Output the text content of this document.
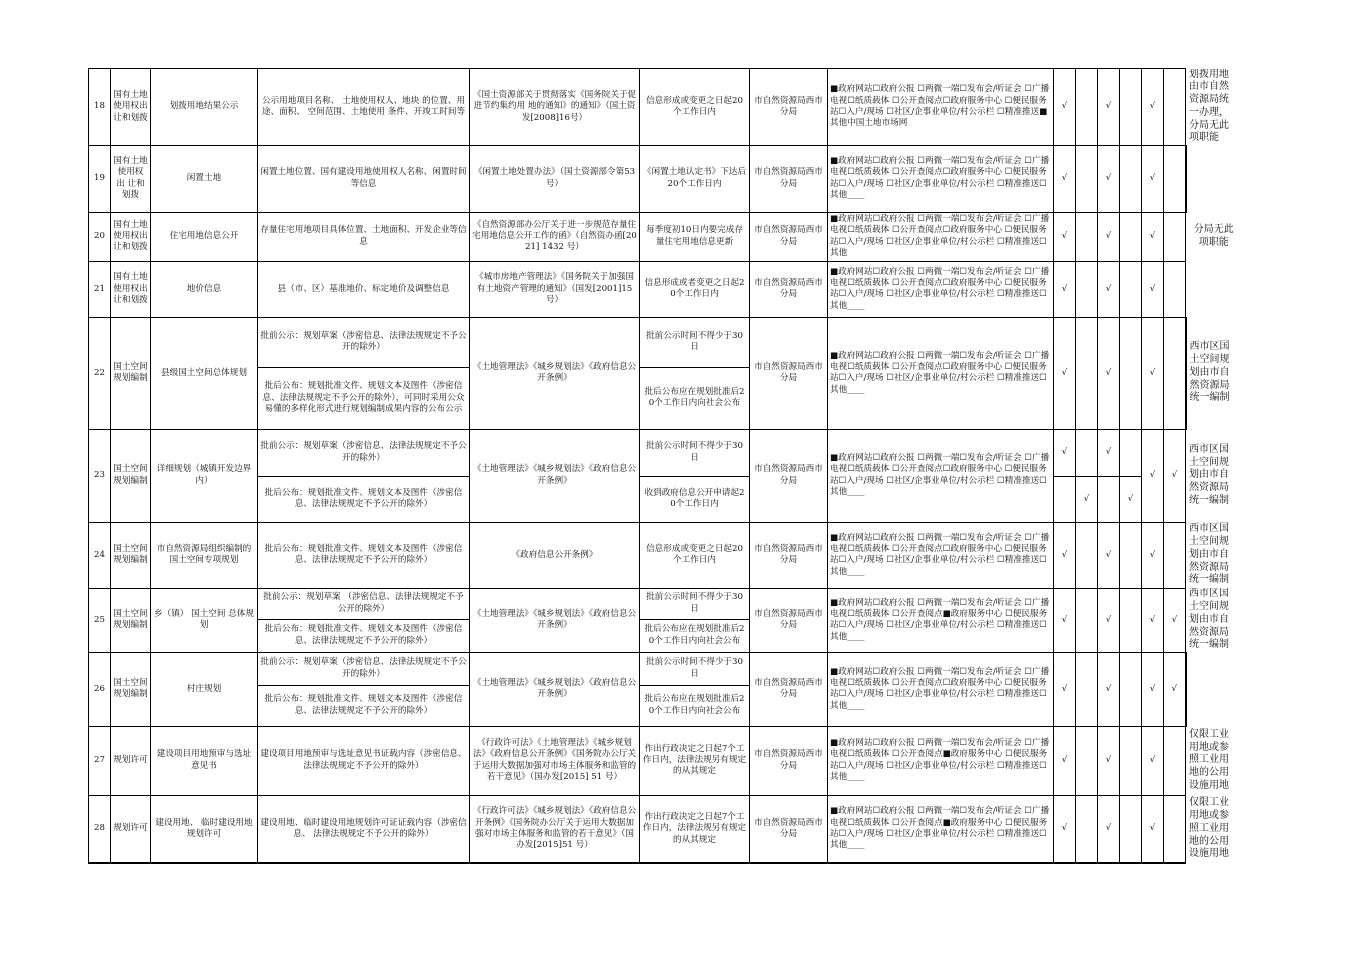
18	国有土地使用权出让和划拨	划拨用地结果公示	公示用地项目名称、 土地使用权人、地块 的位置、用途、面积、 空间范围、土地使用 条件、开竣工时间等	《国土资源部关于贯彻落实《国务院关于促进节约集约用 地的通知》的通知》（国土资发[2008]16号）	信息形成或变更之日起20个工作日内	市自然资源局西市分局	■政府网站☐政府公报 ☐两微一端☐发布会/听证会 ☐广播电视☐纸质载体 ☐公开查阅点☐政府服务中心 ☐便民服务站☐入户/现场 ☐社区/企事业单位/村公示栏 ☐精准推送■其他中国土地市场网	√		√		√		划拨用地由市自然资源局统一办理，分局无此项职能
19	国有土地 使用权 出 让和划拨	闲置土地	闲置土地位置、国有建设用地使用权人名称、闲置时间等信息	《闲置土地处置办法》（国土资源部令第53号）	《闲置土地认定书》下达后20个工作日内	市自然资源局西市分局	■政府网站☐政府公报 ☐两微一端☐发布会/听证会 ☐广播电视☐纸质载体 ☐公开查阅点☐政府服务中心 ☐便民服务站☐入户/现场 ☐社区/企事业单位/村公示栏 ☐精准推送☐其他____	√		√		√		
20	国有土地使用权出让和划拨	住宅用地信息公开	存量住宅用地项目具体位置、土地面积、开发企业等信息	《自然资源部办公厅关于进一步规范存量住宅用地信息公开工作的函》（自然资办函[2021] 1432 号）	每季度初10日内要完成存量住宅用地信息更新	市自然资源局西市分局	■政府网站☐政府公报 ☐两微一端☐发布会/听证会 ☐广播电视☐纸质载体 ☐公开查阅点☐政府服务中心 ☐便民服务站☐入户/现场 ☐社区/企事业单位/村公示栏 ☐精准推送☐其他	√		√		√		分局无此项职能
21	国有土地使用权出让和划拨	地价信息	县（市、区）基准地价、标定地价及调整信息	《城市房地产管理法》《国务院关于加强国有土地资产管理的通知》（国发[2001]15 号）	信息形成或者变更之日起20个工作日内	市自然资源局西市分局	■政府网站☐政府公报 ☐两微一端☐发布会/听证会 ☐广播电视☐纸质载体 ☐公开查阅点☐政府服务中心 ☐便民服务站☐入户/现场 ☐社区/企事业单位/村公示栏 ☐精准推送☐其他____	√		√		√		
22	国土空间规划编制	县级国土空间总体规划	批前公示：规划草案（涉密信息、法律法规规定不予公开的除外）	《土地管理法》《城乡规划法》《政府信息公开条例》	批前公示时间不得少于30日	市自然资源局西市分局	■政府网站☐政府公报 ☐两微一端☐发布会/听证会 ☐广播电视☐纸质载体 ☐公开查阅点☐政府服务中心 ☐便民服务站☐入户/现场 ☐社区/企事业单位/村公示栏 ☐精准推送☐其他____	√		√		√		西市区国土空间规划由市自然资源局统一编制
			批后公布：规划批准文件、规划文本及图件（涉密信息、法律法规规定不予公开的除外），可同时采用公众易懂的多样化形式进行规划编制成果内容的公布公示		批后公布应在规划批准后20个工作日内向社会公布									
23	国土空间规划编制	详细规划（城镇开发边界内）	批前公示：规划草案（涉密信息、法律法规规定不予公开的除外）	《土地管理法》《城乡规划法》《政府信息公开条例》	批前公示时间不得少于30日	市自然资源局西市分局	■政府网站☐政府公报 ☐两微一端☐发布会/听证会 ☐广播电视☐纸质载体 ☐公开查阅点☐政府服务中心 ☐便民服务站☐入户/现场 ☐社区/企事业单位/村公示栏 ☐精准推送☐其他____	√		√		√	√	西市区国土空间规划由市自然资源局统一编制
			批后公布：规划批准文件、规划文本及图件（涉密信息、法律法规规定不予公开的除外）		收到政府信息公开申请起20个工作日内				√		√			
24	国土空间 规划编制	市自然资源局组织编制的国土空间专项规划	批后公布：规划批准文件、规划文本及图件（涉密信息、法律法规规定不予公开的除外）	《政府信息公开条例》	信息形成或变更之日起20个工作日内	市自然资源局西市分局	■政府网站☐政府公报 ☐两微一端☐发布会/听证会 ☐广播电视☐纸质载体 ☐公开查阅点☐政府服务中心 ☐便民服务站☐入户/现场 ☐社区/企事业单位/村公示栏 ☐精准推送☐其他____	√		√		√		西市区国土空间规划由市自然资源局统一编制
25	国土空间规划编制	乡（镇） 国土空间 总体规划	批前公示：规划草案 （涉密信息、法律法规规定不予公开的除外）	《土地管理法》《城乡规划法》《政府信息公开条例》	批前公示时间不得少于30日	市自然资源局西市分局	■政府网站☐政府公报 ☐两微一端☐发布会/听证会 ☐广播电视☐纸质载体 ☐公开查阅点■政府服务中心 ☐便民服务站☐入户/现场 ☐社区/企事业单位/村公示栏 ☐精准推送☐其他____	√		√		√	√	西市区国土空间规划由市自然资源局统一编制
			批后公布：规划批准文件、规划文本及图件（涉密信息、法律法规规定不予公开的除外）		批后公布应在规划批准后20个工作日内向社会公布									
26	国土空间规划编制	村庄规划	批前公示：规划草案（涉密信息、法律法规规定不予公开的除外）	《土地管理法》《城乡规划法》《政府信息公开条例》	批前公示时间不得少于30日	市自然资源局西市分局	■政府网站☐政府公报 ☐两微一端☐发布会/听证会 ☐广播电视☐纸质载体 ☐公开查阅点☐政府服务中心 ☐便民服务站☐入户/现场 ☐社区/企事业单位/村公示栏 ☐精准推送☐其他____	√		√		√	√	
			批后公布：规划批准文件、规划文本及图件（涉密信息、法律法规规定不予公开的除外）		批后公布应在规划批准后20个工作日内向社会公布									
27	规划许可	建设项目用地预审与选址意见书	建设项目用地预审与选址意见书证载内容（涉密信息、法律法规规定不予公开的除外）	《行政许可法》《土地管理法》《城乡规划法》《政府信息公开条例》《国务院办公厅关于运用大数据加强对市场主体服务和监管的若干意见》（国办发[2015] 51 号）	作出行政决定之日起7个工作日内，法律法规另有规定的从其规定	市自然资源局西市分局	■政府网站☐政府公报 ☐两微一端☐发布会/听证会 ☐广播电视☐纸质载体 ☐公开查阅点■政府服务中心 ☐便民服务站☐入户/现场 ☐社区/企事业单位/村公示栏 ☐精准推送☐其他____	√		√		√		仅限工业用地或参照工业用地的公用设施用地
28	规划许可	建设用地、 临时建设用地规划许可	建设用地、临时建设用地规划许可证证载内容（涉密信息、 法律法规规定不予公开的除外）	《行政许可法》《城乡规划法》《政府信息公开条例》《国务院办公厅关于运用大数据加强对市场主体服务和监管的若干意见》（国办发[2015]51 号）	作出行政决定之日起7个工作日内，法律法规另有规定的从其规定	市自然资源局西市分局	■政府网站☐政府公报 ☐两微一端☐发布会/听证会 ☐广播电视☐纸质载体 ☐公开查阅点■政府服务中心 ☐便民服务站☐入户/现场 ☐社区/企事业单位/村公示栏 ☐精准推送☐其他____	√		√		√		仅限工业用地或参照工业用地的公用设施用地
